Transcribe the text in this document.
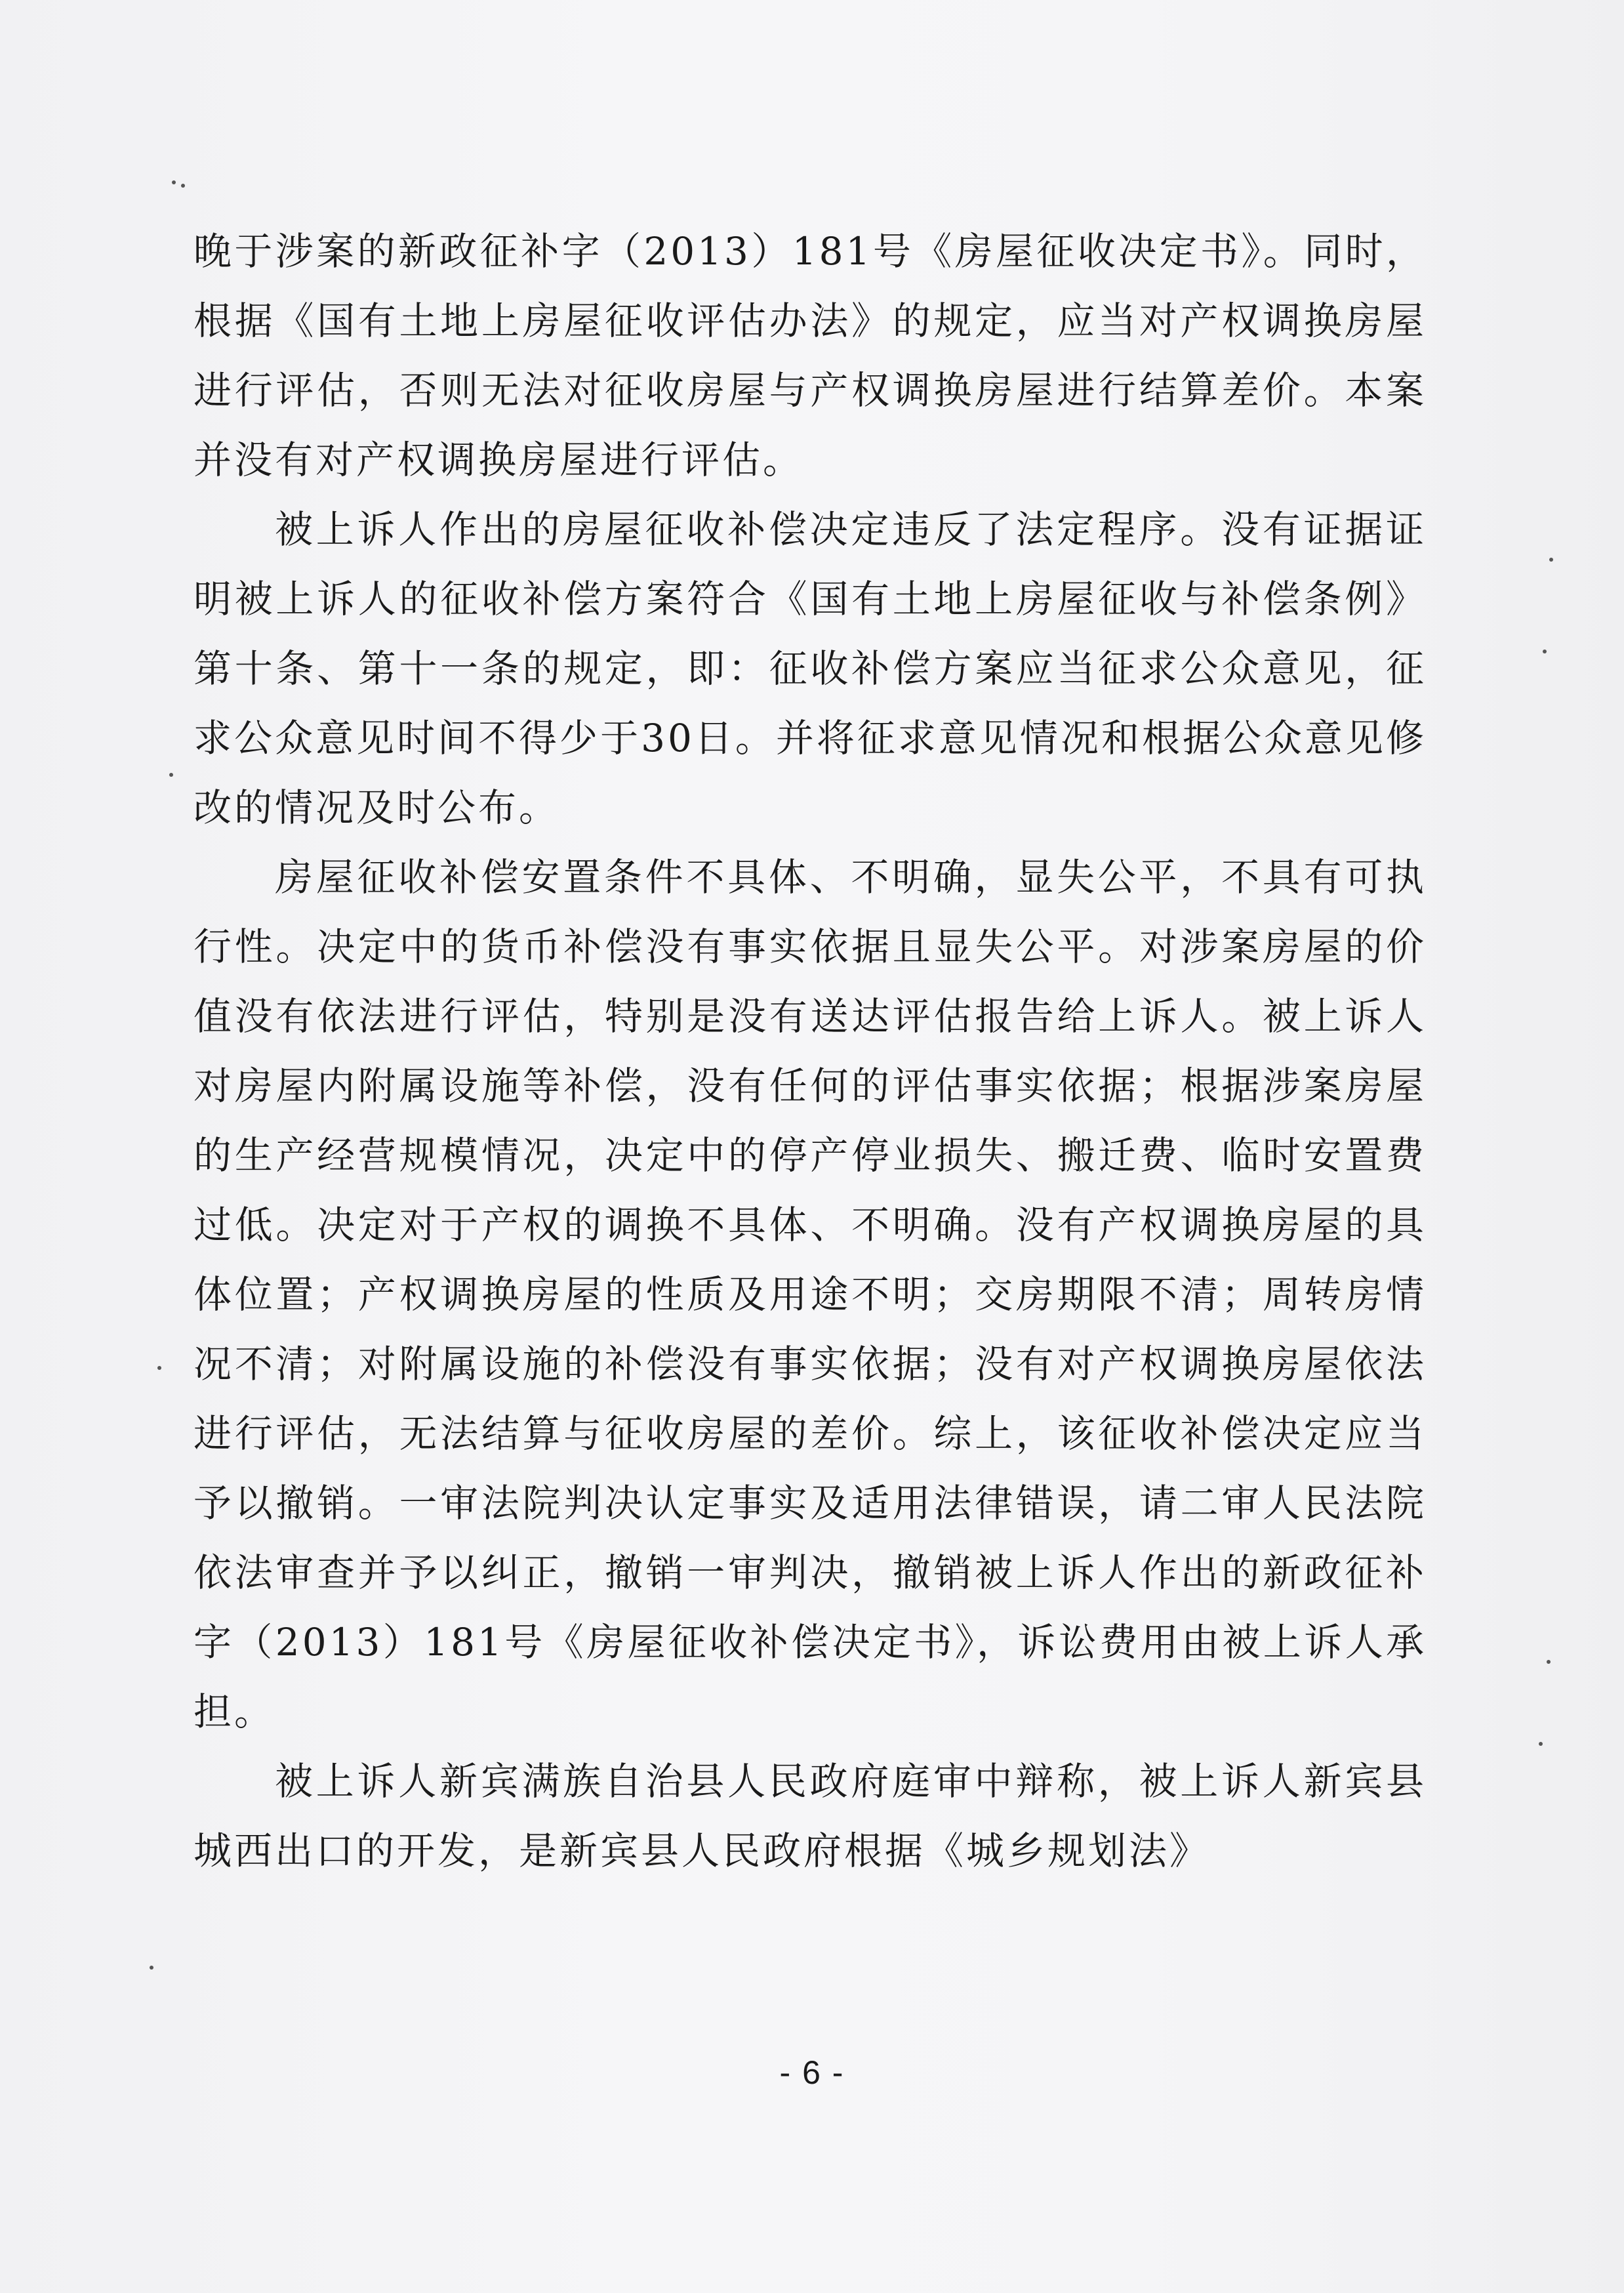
晚于涉案的新政征补字（2013）181号《房屋征收决定书》。同时，根据《国有土地上房屋征收评估办法》的规定，应当对产权调换房屋进行评估，否则无法对征收房屋与产权调换房屋进行结算差价。本案并没有对产权调换房屋进行评估。

被上诉人作出的房屋征收补偿决定违反了法定程序。没有证据证明被上诉人的征收补偿方案符合《国有土地上房屋征收与补偿条例》第十条、第十一条的规定，即：征收补偿方案应当征求公众意见，征求公众意见时间不得少于30日。并将征求意见情况和根据公众意见修改的情况及时公布。

房屋征收补偿安置条件不具体、不明确，显失公平，不具有可执行性。决定中的货币补偿没有事实依据且显失公平。对涉案房屋的价值没有依法进行评估，特别是没有送达评估报告给上诉人。被上诉人对房屋内附属设施等补偿，没有任何的评估事实依据；根据涉案房屋的生产经营规模情况，决定中的停产停业损失、搬迁费、临时安置费过低。决定对于产权的调换不具体、不明确。没有产权调换房屋的具体位置；产权调换房屋的性质及用途不明；交房期限不清；周转房情况不清；对附属设施的补偿没有事实依据；没有对产权调换房屋依法进行评估，无法结算与征收房屋的差价。综上，该征收补偿决定应当予以撤销。一审法院判决认定事实及适用法律错误，请二审人民法院依法审查并予以纠正，撤销一审判决，撤销被上诉人作出的新政征补字（2013）181号《房屋征收补偿决定书》，诉讼费用由被上诉人承担。

被上诉人新宾满族自治县人民政府庭审中辩称，被上诉人新宾县城西出口的开发，是新宾县人民政府根据《城乡规划法》

- 6 -
